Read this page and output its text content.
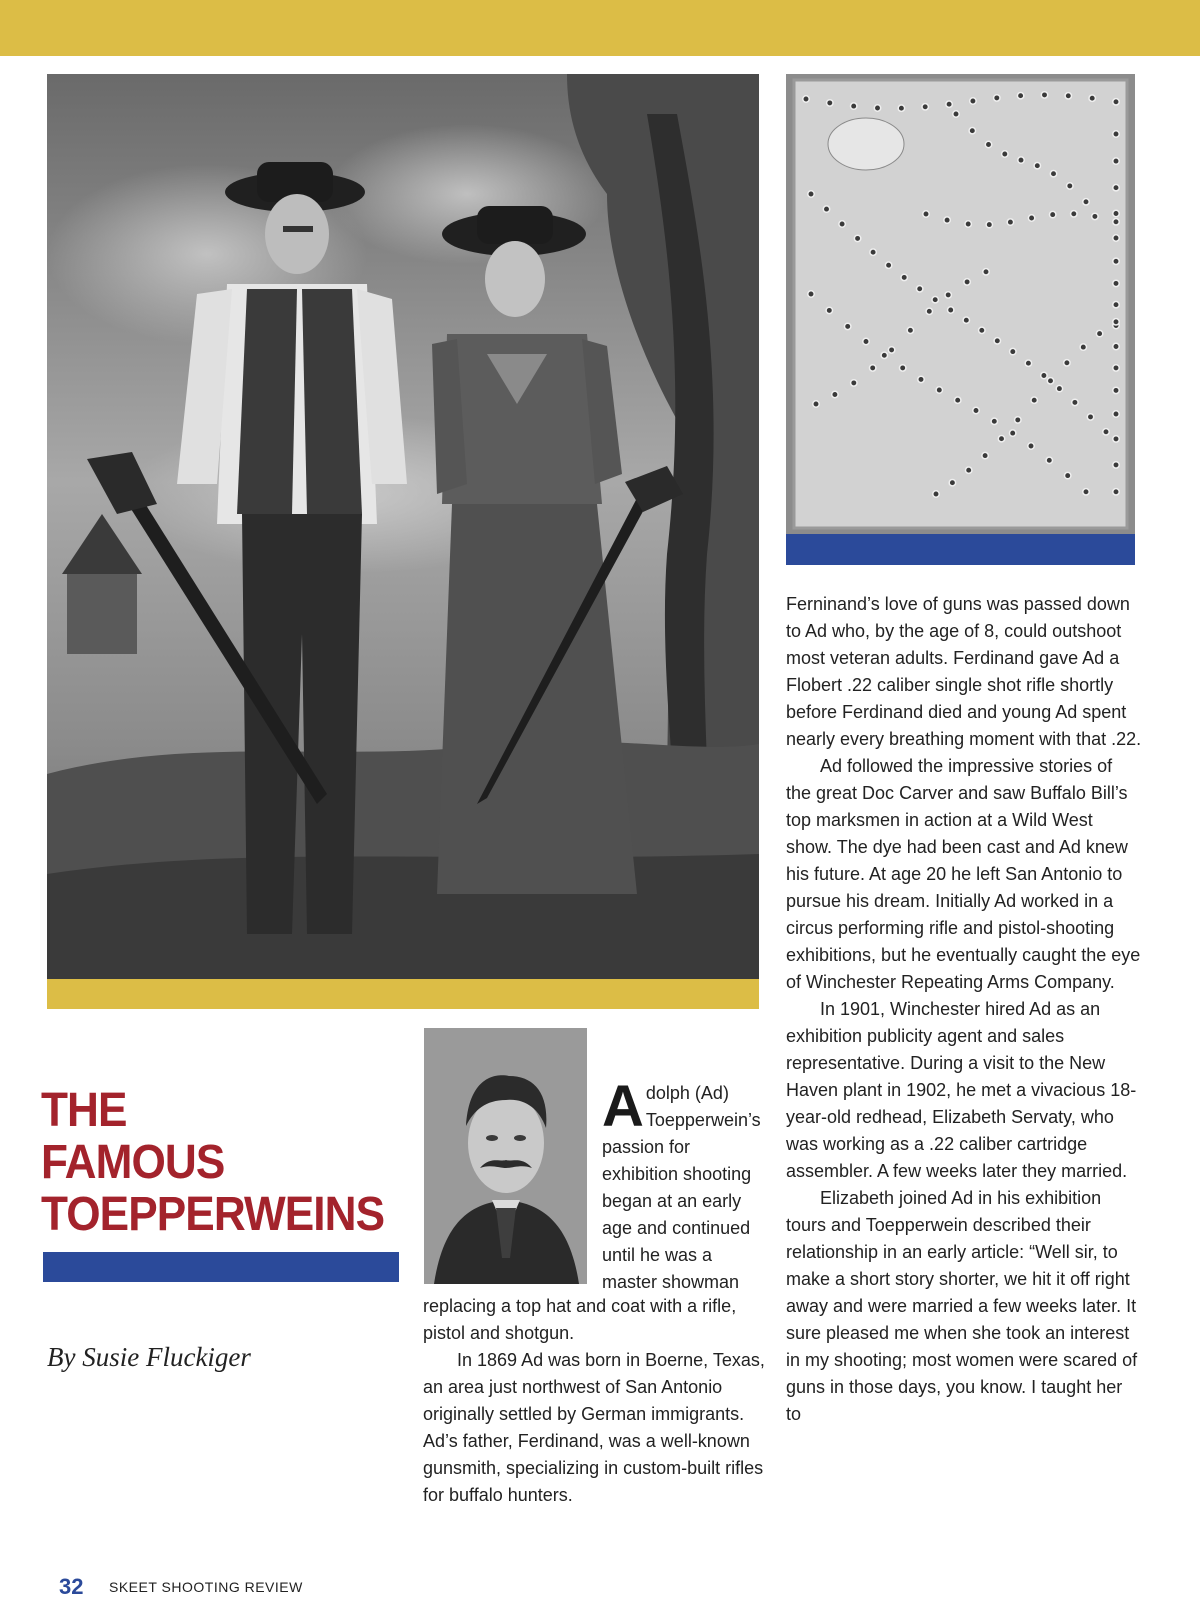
THE
FAMOUS
TOEPPERWEINS
By Susie Fluckiger
Adolph (Ad) Toepperwein’s passion for exhibition shooting began at an early age and continued until he was a master showman

replacing a top hat and coat with a rifle, pistol and shotgun.

In 1869 Ad was born in Boerne, Texas, an area just northwest of San Antonio originally settled by German immigrants. Ad’s father, Ferdinand, was a well-known gunsmith, specializing in custom-built rifles for buffalo hunters.

Ferninand’s love of guns was passed down to Ad who, by the age of 8, could outshoot most veteran adults. Ferdinand gave Ad a Flobert .22 caliber single shot rifle shortly before Ferdinand died and young Ad spent nearly every breathing moment with that .22.

Ad followed the impressive stories of the great Doc Carver and saw Buffalo Bill’s top marksmen in action at a Wild West show. The dye had been cast and Ad knew his future. At age 20 he left San Antonio to pursue his dream. Initially Ad worked in a circus performing rifle and pistol-shooting exhibitions, but he eventually caught the eye of Winchester Repeating Arms Company.

In 1901, Winchester hired Ad as an exhibition publicity agent and sales representative. During a visit to the New Haven plant in 1902, he met a vivacious 18-year-old redhead, Elizabeth Servaty, who was working as a .22 caliber cartridge assembler. A few weeks later they married.

Elizabeth joined Ad in his exhibition tours and Toepperwein described their relationship in an early article: “Well sir, to make a short story shorter, we hit it off right away and were married a few weeks later. It sure pleased me when she took an interest in my shooting; most women were scared of guns in those days, you know. I taught her to

32 SKEET SHOOTING REVIEW
